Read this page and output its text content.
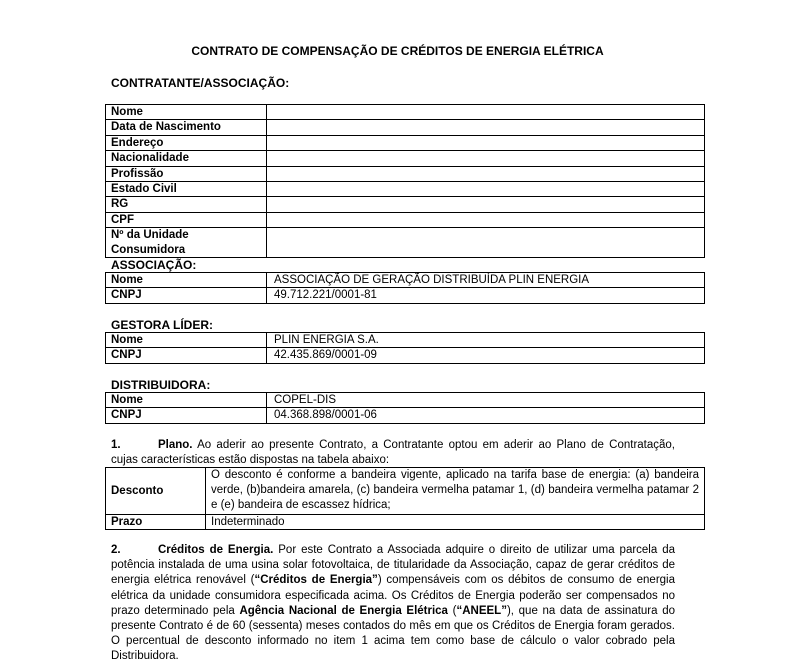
CONTRATO DE COMPENSAÇÃO DE CRÉDITOS DE ENERGIA ELÉTRICA
CONTRATANTE/ASSOCIAÇÃO:
Nome	
Data de Nascimento	
Endereço	
Nacionalidade	
Profissão	
Estado Civil	
RG	
CPF	
Nº da Unidade Consumidora	
ASSOCIAÇÃO:
Nome	ASSOCIAÇÃO DE GERAÇÃO DISTRIBUÍDA PLIN ENERGIA
CNPJ	49.712.221/0001-81
GESTORA LÍDER:
Nome	PLIN ENERGIA S.A.
CNPJ	42.435.869/0001-09
DISTRIBUIDORA:
Nome	COPEL-DIS
CNPJ	04.368.898/0001-06
1.	Plano. Ao aderir ao presente Contrato, a Contratante optou em aderir ao Plano de Contratação, cujas características estão dispostas na tabela abaixo:
Desconto	O desconto é conforme a bandeira vigente, aplicado na tarifa base de energia: (a) bandeira verde, (b)bandeira amarela, (c) bandeira vermelha patamar 1, (d) bandeira vermelha patamar 2 e (e) bandeira de escassez hídrica;
Prazo	Indeterminado
2.	Créditos de Energia. Por este Contrato a Associada adquire o direito de utilizar uma parcela da potência instalada de uma usina solar fotovoltaica, de titularidade da Associação, capaz de gerar créditos de energia elétrica renovável (“Créditos de Energia”) compensáveis com os débitos de consumo de energia elétrica da unidade consumidora especificada acima. Os Créditos de Energia poderão ser compensados no prazo determinado pela Agência Nacional de Energia Elétrica (“ANEEL”), que na data de assinatura do presente Contrato é de 60 (sessenta) meses contados do mês em que os Créditos de Energia foram gerados. O percentual de desconto informado no item 1 acima tem como base de cálculo o valor cobrado pela Distribuidora.
